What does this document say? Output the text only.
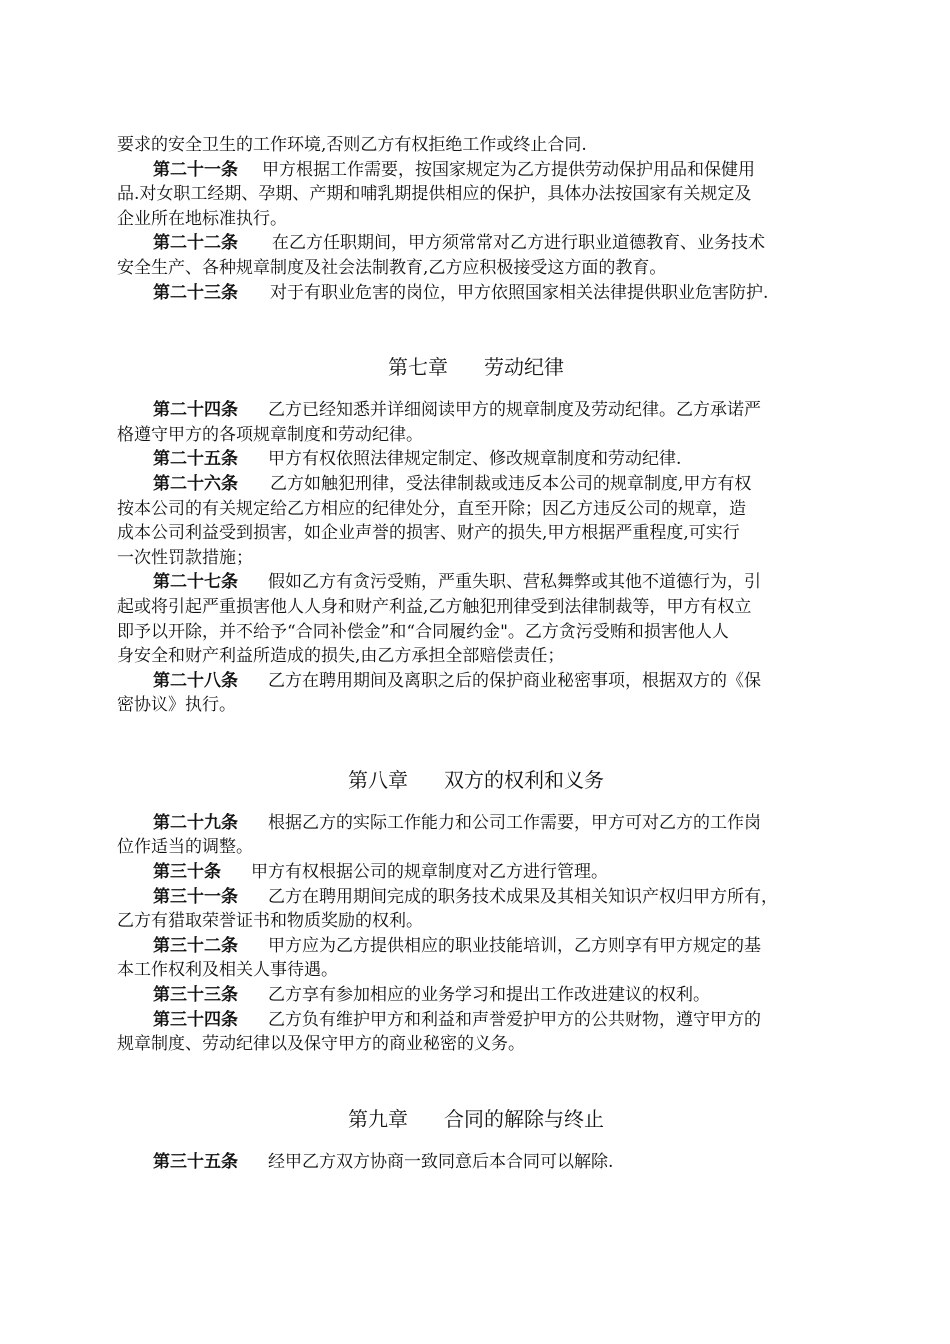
要求的安全卫生的工作环境,否则乙方有权拒绝工作或终止合同.
第二十一条 甲方根据工作需要，按国家规定为乙方提供劳动保护用品和保健用
品.对女职工经期、孕期、产期和哺乳期提供相应的保护，具体办法按国家有关规定及
企业所在地标准执行。
第二十二条 在乙方任职期间，甲方须常常对乙方进行职业道德教育、业务技术
安全生产、各种规章制度及社会法制教育,乙方应积极接受这方面的教育。
第二十三条 对于有职业危害的岗位，甲方依照国家相关法律提供职业危害防护.
第七章 劳动纪律
第二十四条 乙方已经知悉并详细阅读甲方的规章制度及劳动纪律。乙方承诺严
格遵守甲方的各项规章制度和劳动纪律。
第二十五条 甲方有权依照法律规定制定、修改规章制度和劳动纪律.
第二十六条 乙方如触犯刑律，受法律制裁或违反本公司的规章制度,甲方有权
按本公司的有关规定给乙方相应的纪律处分，直至开除；因乙方违反公司的规章，造
成本公司利益受到损害，如企业声誉的损害、财产的损失,甲方根据严重程度,可实行
一次性罚款措施；
第二十七条 假如乙方有贪污受贿，严重失职、营私舞弊或其他不道德行为，引
起或将引起严重损害他人人身和财产利益,乙方触犯刑律受到法律制裁等，甲方有权立
即予以开除，并不给予“合同补偿金”和“合同履约金"。乙方贪污受贿和损害他人人
身安全和财产利益所造成的损失,由乙方承担全部赔偿责任；
第二十八条 乙方在聘用期间及离职之后的保护商业秘密事项，根据双方的《保
密协议》执行。
第八章 双方的权利和义务
第二十九条 根据乙方的实际工作能力和公司工作需要，甲方可对乙方的工作岗
位作适当的调整。
第三十条 甲方有权根据公司的规章制度对乙方进行管理。
第三十一条 乙方在聘用期间完成的职务技术成果及其相关知识产权归甲方所有，
乙方有猎取荣誉证书和物质奖励的权利。
第三十二条 甲方应为乙方提供相应的职业技能培训，乙方则享有甲方规定的基
本工作权利及相关人事待遇。
第三十三条 乙方享有参加相应的业务学习和提出工作改进建议的权利。
第三十四条 乙方负有维护甲方和利益和声誉爱护甲方的公共财物，遵守甲方的
规章制度、劳动纪律以及保守甲方的商业秘密的义务。
第九章 合同的解除与终止
第三十五条 经甲乙方双方协商一致同意后本合同可以解除.
